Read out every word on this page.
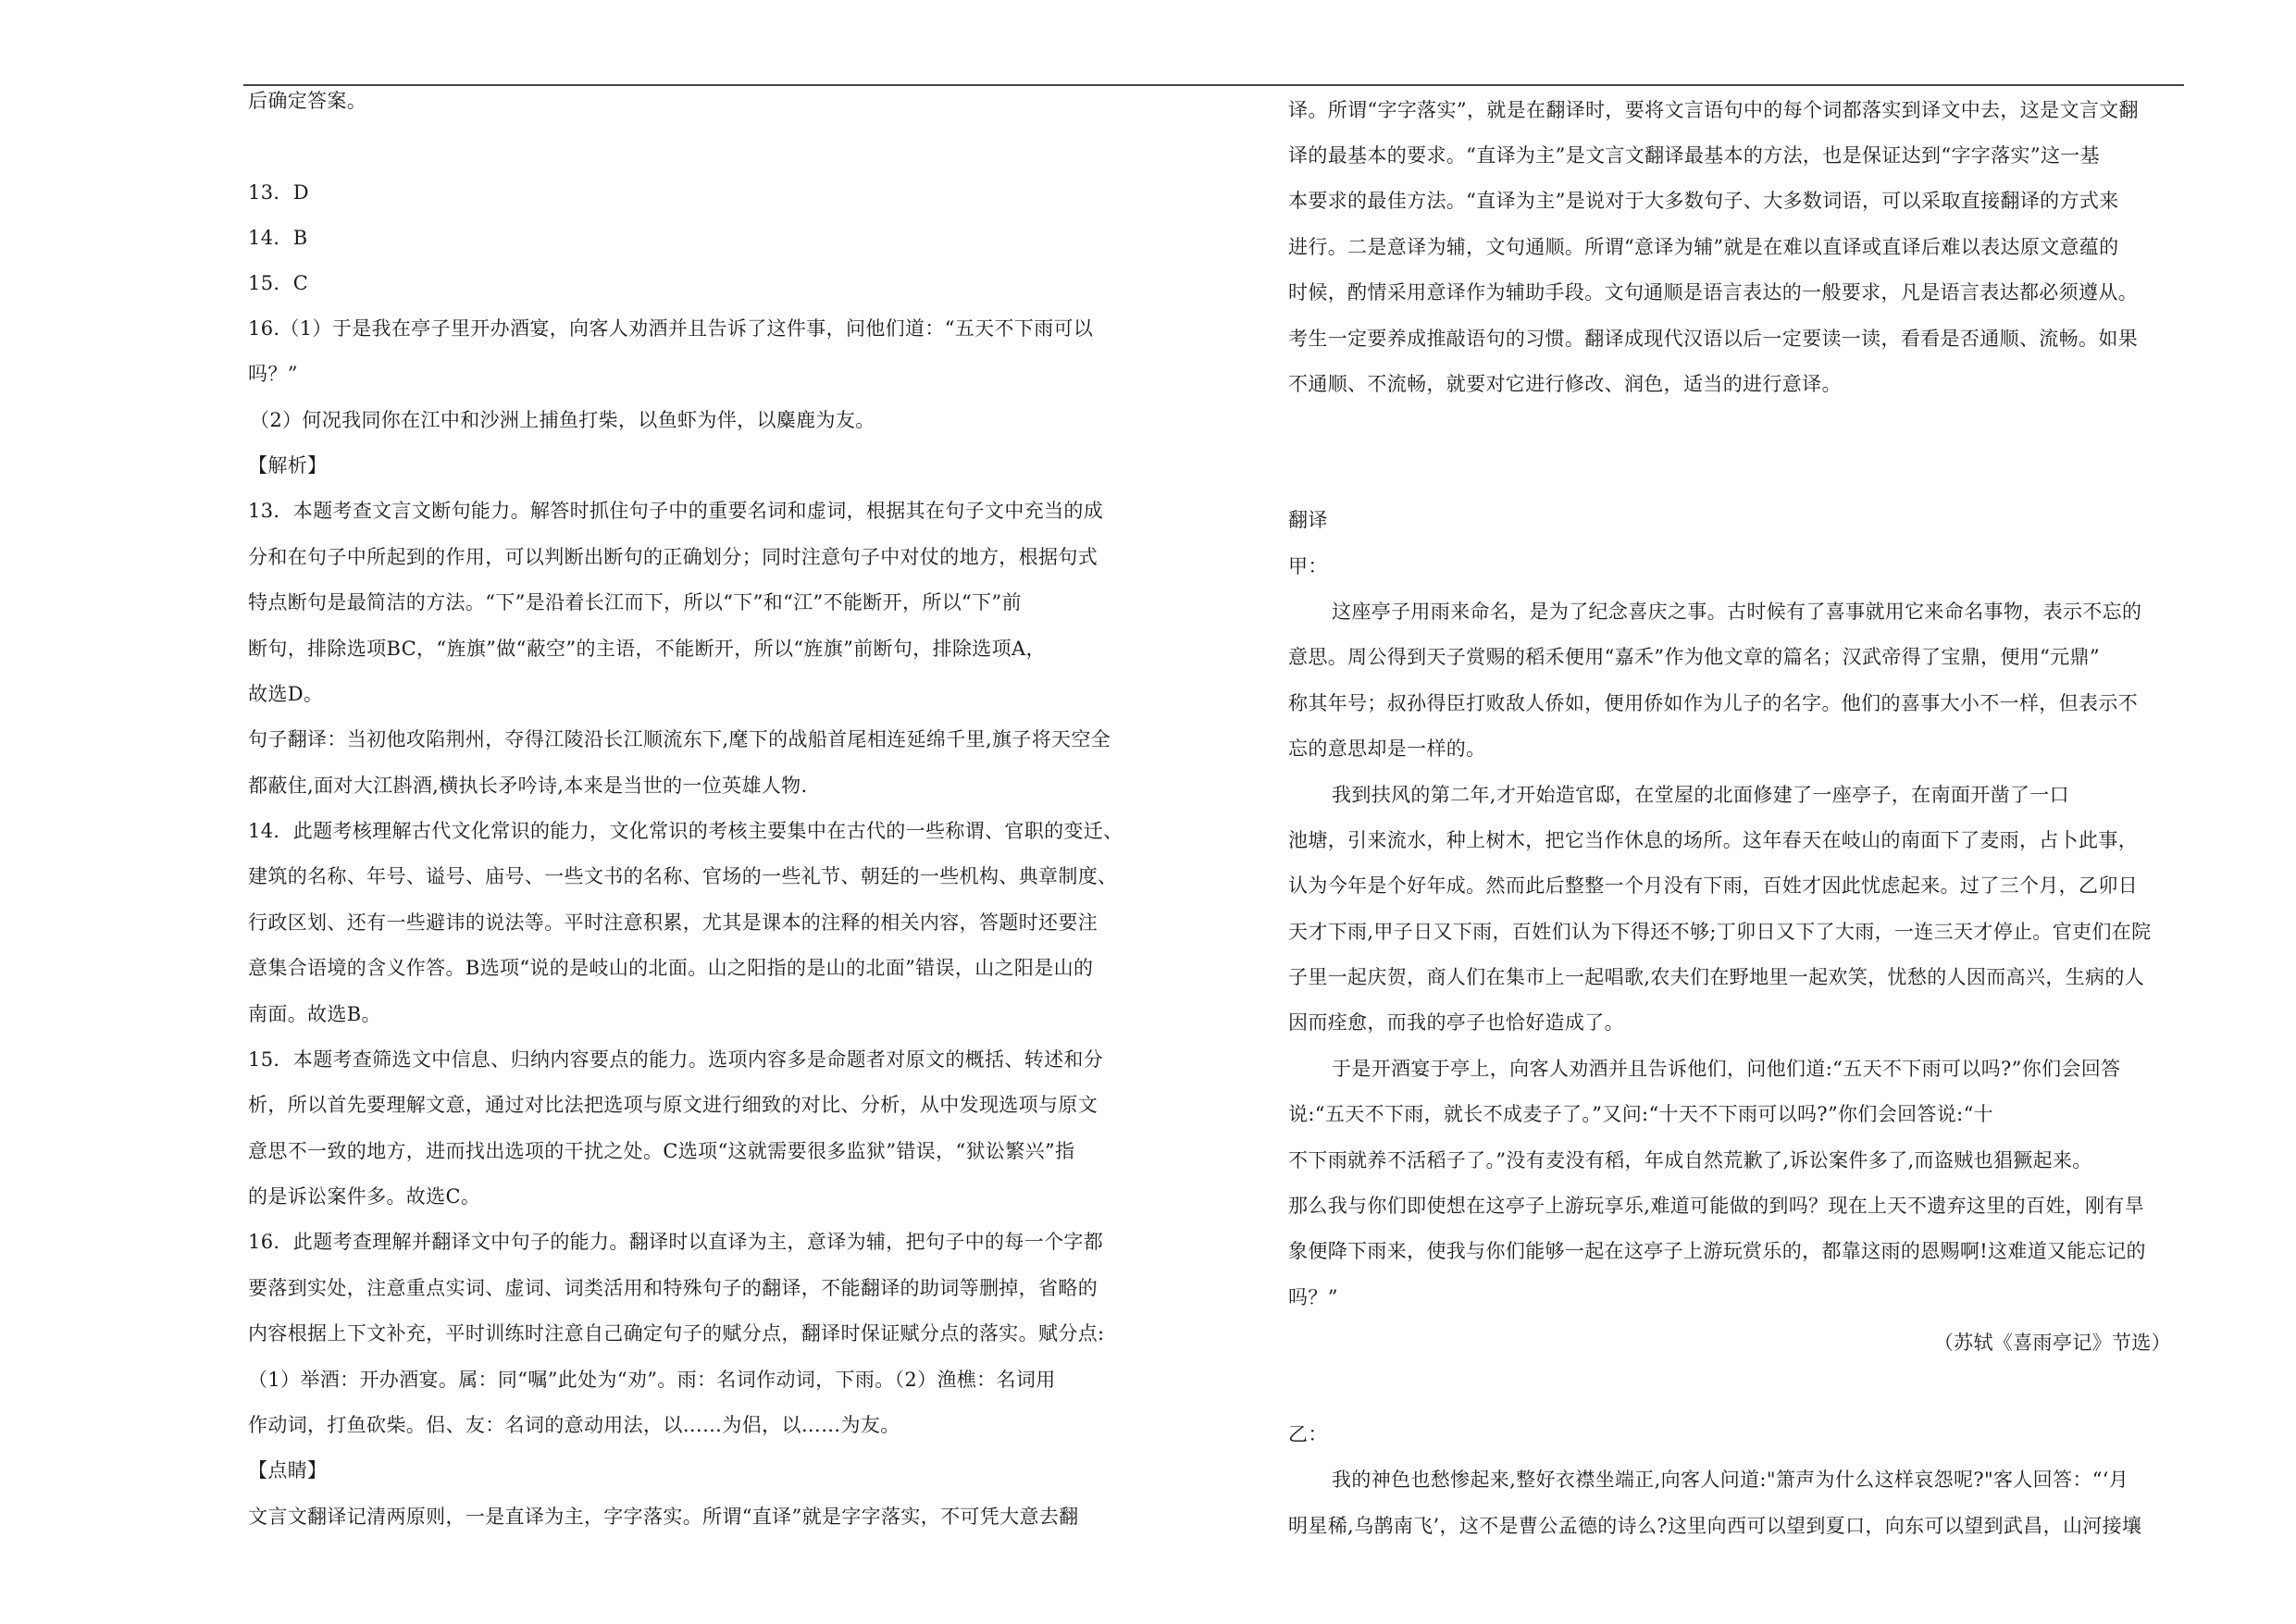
后确定答案。
13．D
14．B
15．C
16.（1）于是我在亭子里开办酒宴，向客人劝酒并且告诉了这件事，问他们道：“五天不下雨可以
吗？”
（2）何况我同你在江中和沙洲上捕鱼打柴，以鱼虾为伴，以麋鹿为友。
【解析】
13．本题考查文言文断句能力。解答时抓住句子中的重要名词和虚词，根据其在句子文中充当的成
分和在句子中所起到的作用，可以判断出断句的正确划分；同时注意句子中对仗的地方，根据句式
特点断句是最简洁的方法。“下”是沿着长江而下，所以“下”和“江”不能断开，所以“下”前
断句，排除选项BC，“旌旗”做“蔽空”的主语，不能断开，所以“旌旗”前断句，排除选项A，
故选D。
句子翻译：当初他攻陷荆州，夺得江陵沿长江顺流东下,麾下的战船首尾相连延绵千里,旗子将天空全
都蔽住,面对大江斟酒,横执长矛吟诗,本来是当世的一位英雄人物.
14．此题考核理解古代文化常识的能力，文化常识的考核主要集中在古代的一些称谓、官职的变迁、
建筑的名称、年号、谥号、庙号、一些文书的名称、官场的一些礼节、朝廷的一些机构、典章制度、
行政区划、还有一些避讳的说法等。平时注意积累，尤其是课本的注释的相关内容，答题时还要注
意集合语境的含义作答。B选项“说的是岐山的北面。山之阳指的是山的北面”错误，山之阳是山的
南面。故选B。
15．本题考查筛选文中信息、归纳内容要点的能力。选项内容多是命题者对原文的概括、转述和分
析，所以首先要理解文意，通过对比法把选项与原文进行细致的对比、分析，从中发现选项与原文
意思不一致的地方，进而找出选项的干扰之处。C选项“这就需要很多监狱”错误，“狱讼繁兴”指
的是诉讼案件多。故选C。
16．此题考查理解并翻译文中句子的能力。翻译时以直译为主，意译为辅，把句子中的每一个字都
要落到实处，注意重点实词、虚词、词类活用和特殊句子的翻译，不能翻译的助词等删掉，省略的
内容根据上下文补充，平时训练时注意自己确定句子的赋分点，翻译时保证赋分点的落实。赋分点:
（1）举酒：开办酒宴。属：同“嘱”此处为“劝”。雨：名词作动词，下雨。（2）渔樵：名词用
作动词，打鱼砍柴。侣、友：名词的意动用法，以……为侣，以……为友。
【点睛】
文言文翻译记清两原则，一是直译为主，字字落实。所谓“直译”就是字字落实，不可凭大意去翻
译。所谓“字字落实”，就是在翻译时，要将文言语句中的每个词都落实到译文中去，这是文言文翻
译的最基本的要求。“直译为主”是文言文翻译最基本的方法，也是保证达到“字字落实”这一基
本要求的最佳方法。“直译为主”是说对于大多数句子、大多数词语，可以采取直接翻译的方式来
进行。二是意译为辅，文句通顺。所谓“意译为辅”就是在难以直译或直译后难以表达原文意蕴的
时候，酌情采用意译作为辅助手段。文句通顺是语言表达的一般要求，凡是语言表达都必须遵从。
考生一定要养成推敲语句的习惯。翻译成现代汉语以后一定要读一读，看看是否通顺、流畅。如果
不通顺、不流畅，就要对它进行修改、润色，适当的进行意译。
翻译
甲：
这座亭子用雨来命名，是为了纪念喜庆之事。古时候有了喜事就用它来命名事物，表示不忘的
意思。周公得到天子赏赐的稻禾便用“嘉禾”作为他文章的篇名；汉武帝得了宝鼎，便用“元鼎”
称其年号；叔孙得臣打败敌人侨如，便用侨如作为儿子的名字。他们的喜事大小不一样，但表示不
忘的意思却是一样的。
我到扶风的第二年,才开始造官邸，在堂屋的北面修建了一座亭子，在南面开凿了一口
池塘，引来流水，种上树木，把它当作休息的场所。这年春天在岐山的南面下了麦雨，占卜此事，
认为今年是个好年成。然而此后整整一个月没有下雨，百姓才因此忧虑起来。过了三个月，乙卯日
天才下雨,甲子日又下雨，百姓们认为下得还不够;丁卯日又下了大雨，一连三天才停止。官吏们在院
子里一起庆贺，商人们在集市上一起唱歌,农夫们在野地里一起欢笑，忧愁的人因而高兴，生病的人
因而痊愈，而我的亭子也恰好造成了。
于是开酒宴于亭上，向客人劝酒并且告诉他们，问他们道:“五天不下雨可以吗?”你们会回答
说:“五天不下雨，就长不成麦子了。”又问:“十天不下雨可以吗?”你们会回答说:“十
不下雨就养不活稻子了。”没有麦没有稻，年成自然荒歉了,诉讼案件多了,而盗贼也猖獗起来。
那么我与你们即使想在这亭子上游玩享乐,难道可能做的到吗？现在上天不遗弃这里的百姓，刚有旱
象便降下雨来，使我与你们能够一起在这亭子上游玩赏乐的，都靠这雨的恩赐啊!这难道又能忘记的
吗？”
（苏轼《喜雨亭记》节选）
乙：
我的神色也愁惨起来,整好衣襟坐端正,向客人问道:"箫声为什么这样哀怨呢?"客人回答：“‘月
明星稀,乌鹊南飞’，这不是曹公孟德的诗么?这里向西可以望到夏口，向东可以望到武昌，山河接壤
